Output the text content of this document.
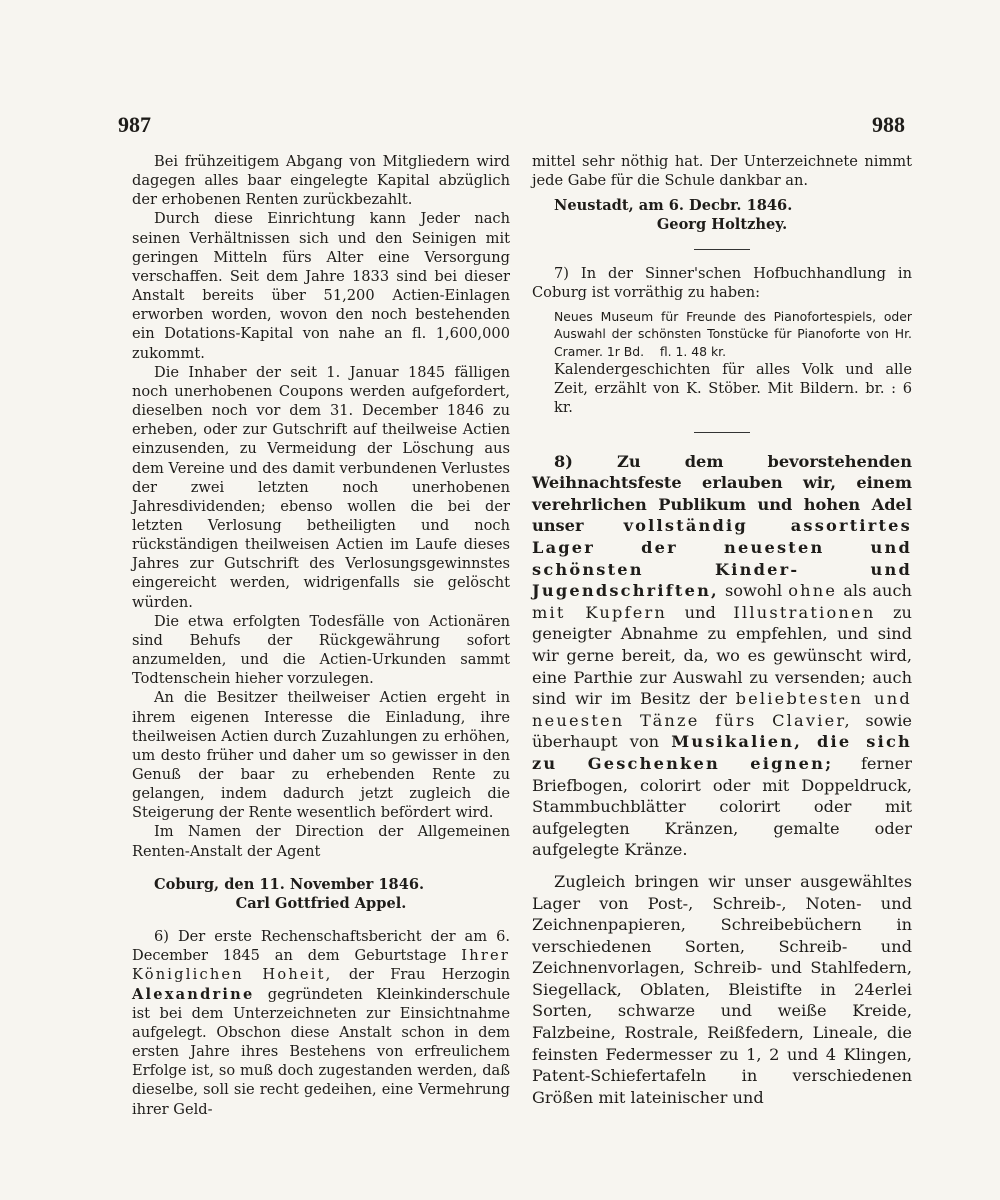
987	988

Bei frühzeitigem Abgang von Mitgliedern wird dagegen alles baar eingelegte Kapital abzüglich der erhobenen Renten zurückbezahlt.

Durch diese Einrichtung kann Jeder nach seinen Verhältnissen sich und den Seinigen mit geringen Mitteln fürs Alter eine Versorgung verschaffen. Seit dem Jahre 1833 sind bei dieser Anstalt bereits über 51,200 Actien-Einlagen erworben worden, wovon den noch bestehenden ein Dotations-Kapital von nahe an fl. 1,600,000 zukommt.

Die Inhaber der seit 1. Januar 1845 fälligen noch unerhobenen Coupons werden aufgefordert, dieselben noch vor dem 31. December 1846 zu erheben, oder zur Gutschrift auf theilweise Actien einzusenden, zu Vermeidung der Löschung aus dem Vereine und des damit verbundenen Verlustes der zwei letzten noch unerhobenen Jahresdividenden; ebenso wollen die bei der letzten Verlosung betheiligten und noch rückständigen theilweisen Actien im Laufe dieses Jahres zur Gutschrift des Verlosungsgewinnstes eingereicht werden, widrigenfalls sie gelöscht würden.

Die etwa erfolgten Todesfälle von Actionären sind Behufs der Rückgewährung sofort anzumelden, und die Actien-Urkunden sammt Todtenschein hieher vorzulegen.

An die Besitzer theilweiser Actien ergeht in ihrem eigenen Interesse die Einladung, ihre theilweisen Actien durch Zuzahlungen zu erhöhen, um desto früher und daher um so gewisser in den Genuß der baar zu erhebenden Rente zu gelangen, indem dadurch jetzt zugleich die Steigerung der Rente wesentlich befördert wird.

Im Namen der Direction der Allgemeinen Renten-Anstalt der Agent

Coburg, den 11. November 1846.

Carl Gottfried Appel.

6) Der erste Rechenschaftsbericht der am 6. December 1845 an dem Geburtstage Ihrer Königlichen Hoheit, der Frau Herzogin Alexandrine gegründeten Kleinkinderschule ist bei dem Unterzeichneten zur Einsichtnahme aufgelegt. Obschon diese Anstalt schon in dem ersten Jahre ihres Bestehens von erfreulichem Erfolge ist, so muß doch zugestanden werden, daß dieselbe, soll sie recht gedeihen, eine Vermehrung ihrer Geld-

mittel sehr nöthig hat. Der Unterzeichnete nimmt jede Gabe für die Schule dankbar an.

Neustadt, am 6. Decbr. 1846.

Georg Holtzhey.

7) In der Sinner'schen Hofbuchhandlung in Coburg ist vorräthig zu haben:

Neues Museum für Freunde des Pianofortespiels, oder Auswahl der schönsten Tonstücke für Pianoforte von Hr. Cramer. 1r Bd. fl. 1. 48 kr.

Kalendergeschichten für alles Volk und alle Zeit, erzählt von K. Stöber. Mit Bildern. br. : 6 kr.

8) Zu dem bevorstehenden Weihnachtsfeste erlauben wir, einem verehrlichen Publikum und hohen Adel unser vollständig assortirtes Lager der neuesten und schönsten Kinder- und Jugendschriften, sowohl ohne als auch mit Kupfern und Illustrationen zu geneigter Abnahme zu empfehlen, und sind wir gerne bereit, da, wo es gewünscht wird, eine Parthie zur Auswahl zu versenden; auch sind wir im Besitz der beliebtesten und neuesten Tänze fürs Clavier, sowie überhaupt von Musikalien, die sich zu Geschenken eignen; ferner Briefbogen, colorirt oder mit Doppeldruck, Stammbuchblätter colorirt oder mit aufgelegten Kränzen, gemalte oder aufgelegte Kränze.

Zugleich bringen wir unser ausgewähltes Lager von Post-, Schreib-, Noten- und Zeichnenpapieren, Schreibebüchern in verschiedenen Sorten, Schreib- und Zeichnenvorlagen, Schreib- und Stahlfedern, Siegellack, Oblaten, Bleistifte in 24erlei Sorten, schwarze und weiße Kreide, Falzbeine, Rostrale, Reißfedern, Lineale, die feinsten Federmesser zu 1, 2 und 4 Klingen, Patent-Schiefertafeln in verschiedenen Größen mit lateinischer und
